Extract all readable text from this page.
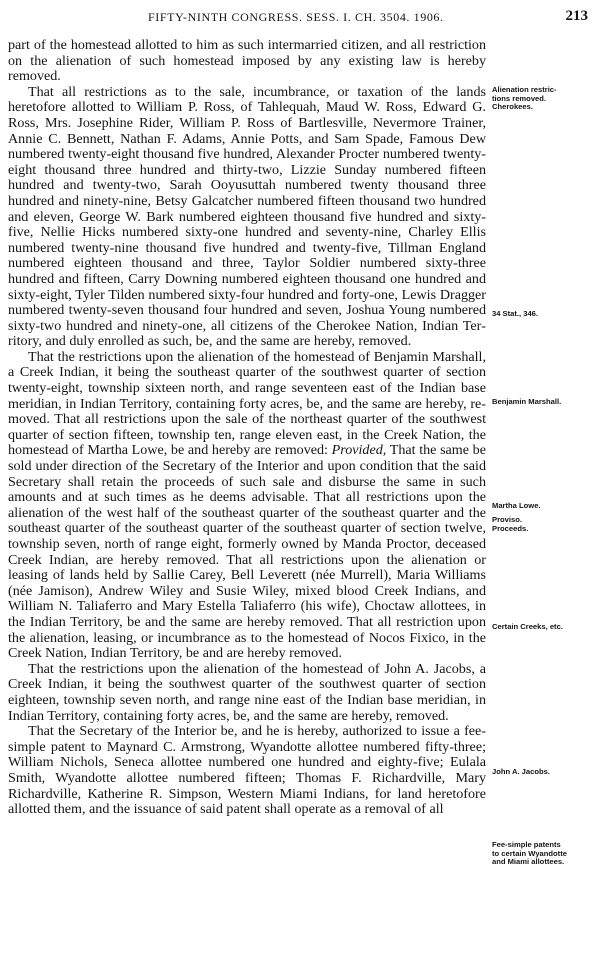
FIFTY-NINTH CONGRESS. SESS. I. CH. 3504. 1906.	213

part of the homestead allotted to him as such intermarried citizen, and all restriction on the alienation of such homestead imposed by any existing law is hereby removed.

That all restrictions as to the sale, incumbrance, or taxation of the lands heretofore allotted to William P. Ross, of Tahlequah, Maud W. Ross, Edward G. Ross, Mrs. Josephine Rider, William P. Ross of Bartlesville, Nevermore Trainer, Annie C. Bennett, Nathan F. Adams, Annie Potts, and Sam Spade, Famous Dew numbered twenty-eight thousand five hundred, Alexander Procter numbered twenty-eight thousand three hundred and thirty-two, Lizzie Sunday numbered fifteen hundred and twenty-two, Sarah Ooyusuttah numbered twenty thousand three hundred and ninety-nine, Betsy Galcatcher numbered fifteen thousand two hundred and eleven, George W. Bark numbered eighteen thousand five hundred and sixty-five, Nellie Hicks numbered sixty-one hundred and seventy-nine, Charley Ellis numbered twenty-nine thousand five hundred and twenty-five, Tillman England numbered eighteen thousand and three, Taylor Soldier numbered sixty-three hundred and fifteen, Carry Downing numbered eighteen thousand one hundred and sixty-eight, Tyler Tilden numbered sixty-four hundred and forty-one, Lewis Dragger numbered twenty-seven thousand four hundred and seven, Joshua Young numbered sixty-two hundred and ninety-one, all citizens of the Cherokee Nation, Indian Territory, and duly enrolled as such, be, and the same are hereby, removed.

That the restrictions upon the alienation of the homestead of Benjamin Marshall, a Creek Indian, it being the southeast quarter of the southwest quarter of section twenty-eight, township sixteen north, and range seventeen east of the Indian base meridian, in Indian Territory, containing forty acres, be, and the same are hereby, removed. That all restrictions upon the sale of the northeast quarter of the southwest quarter of section fifteen, township ten, range eleven east, in the Creek Nation, the homestead of Martha Lowe, be and hereby are removed: Provided, That the same be sold under direction of the Secretary of the Interior and upon condition that the said Secretary shall retain the proceeds of such sale and disburse the same in such amounts and at such times as he deems advisable. That all restrictions upon the alienation of the west half of the southeast quarter of the southeast quarter and the southeast quarter of the southeast quarter of the southeast quarter of section twelve, township seven, north of range eight, formerly owned by Manda Proctor, deceased Creek Indian, are hereby removed. That all restrictions upon the alienation or leasing of lands held by Sallie Carey, Bell Leverett (née Murrell), Maria Williams (née Jamison), Andrew Wiley and Susie Wiley, mixed blood Creek Indians, and William N. Taliaferro and Mary Estella Taliaferro (his wife), Choctaw allottees, in the Indian Territory, be and the same are hereby removed. That all restriction upon the alienation, leasing, or incumbrance as to the homestead of Nocos Fixico, in the Creek Nation, Indian Territory, be and are hereby removed.

That the restrictions upon the alienation of the homestead of John A. Jacobs, a Creek Indian, it being the southwest quarter of the southwest quarter of section eighteen, township seven north, and range nine east of the Indian base meridian, in Indian Territory, containing forty acres, be, and the same are hereby, removed.

That the Secretary of the Interior be, and he is hereby, authorized to issue a fee-simple patent to Maynard C. Armstrong, Wyandotte allottee numbered fifty-three; William Nichols, Seneca allottee numbered one hundred and eighty-five; Eulala Smith, Wyandotte allottee numbered fifteen; Thomas F. Richardville, Mary Richardville, Katherine R. Simpson, Western Miami Indians, for land heretofore allotted them, and the issuance of said patent shall operate as a removal of all

Alienation restric-
tions removed.
Cherokees.
34 Stat., 346.
Benjamin Marshall.
Martha Lowe.
Proviso.
Proceeds.
Certain Creeks, etc.
John A. Jacobs.
Fee-simple patents
to certain Wyandotte
and Miami allottees.
